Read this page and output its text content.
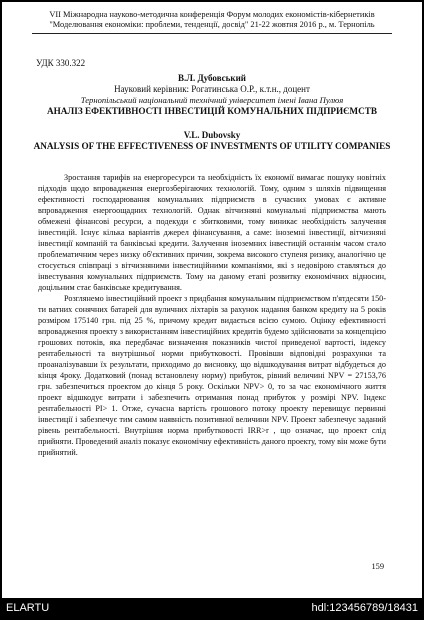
VII Міжнародна науково-методична конференція Форум молодих економістів-кібернетиків
"Моделювання економіки: проблеми, тенденції, досвід" 21-22 жовтня 2016 р., м. Тернопіль
УДК 330.322
В.Л. Дубовський
Науковий керівник: Рогатинська О.Р., к.т.н., доцент
Тернопільський національний технічний університет імені Івана Пулюя
АНАЛІЗ ЕФЕКТИВНОСТІ ІНВЕСТИЦІЙ КОМУНАЛЬНИХ ПІДПРИЄМСТВ
V.L. Dubovsky
ANALYSIS OF THE EFFECTIVENESS OF INVESTMENTS OF UTILITY COMPANIES

Зростання тарифів на енергоресурси та необхідність їх економії вимагає пошуку новітніх підходів щодо впровадження енергозберігаючих технологій. Тому, одним з шляхів підвищення ефективності господарювання комунальних підприємств в сучасних умовах є активне впровадження енергоощадних технологій. Однак вітчизняні комунальні підприємства мають обмежені фінансові ресурси, а подекуди є збитковими, тому виникає необхідність залучення інвестицій. Існує кілька варіантів джерел фінансування, а саме: іноземні інвестиції, вітчизняні інвестиції компаній та банківські кредити. Залучення іноземних інвестицій останнім часом стало проблематичним через низку об'єктивних причин, зокрема високого ступеня ризику, аналогічно це стосується співпраці з вітчизняними інвестиційними компаніями, які з недовірою ставляться до інвестування комунальних підприємств. Тому на даному етапі розвитку економічних відносин, доцільним стає банківське кредитування.

Розглянемо інвестиційний проект з придбання комунальним підприємством п'ятдесяти 150-ти ватних сонячних батарей для вуличних ліхтарів за рахунок надання банком кредиту на 5 років розміром 175140 грн. під 25 %, причому кредит видається всією сумою. Оцінку ефективності впровадження проекту з використанням інвестиційних кредитів будемо здійснювати за концепцією грошових потоків, яка передбачає визначення показників чистої приведеної вартості, індексу рентабельності та внутрішньої норми прибутковості. Провівши відповідні розрахунки та проаналізувавши їх результати, приходимо до висновку, що відшкодування витрат відбудеться до кінця 4року. Додатковий (понад встановлену норму) прибуток, рівний величині NPV = 27153,76 грн. забезпечиться проектом до кінця 5 року. Оскільки NPV> 0, то за час економічного життя проект відшкодує витрати і забезпечить отримання понад прибуток у розмірі NPV. Індекс рентабельності PI> 1. Отже, сучасна вартість грошового потоку проекту перевищує первинні інвестиції і забезпечує тим самим наявність позитивної величини NPV. Проект забезпечує заданий рівень рентабельності. Внутрішня норма прибутковості IRR>r , що означає, що проект слід прийняти. Проведений аналіз показує економічну ефективність даного проекту, тому він може бути прийнятий.

159
ELARTU	hdl:123456789/18431
